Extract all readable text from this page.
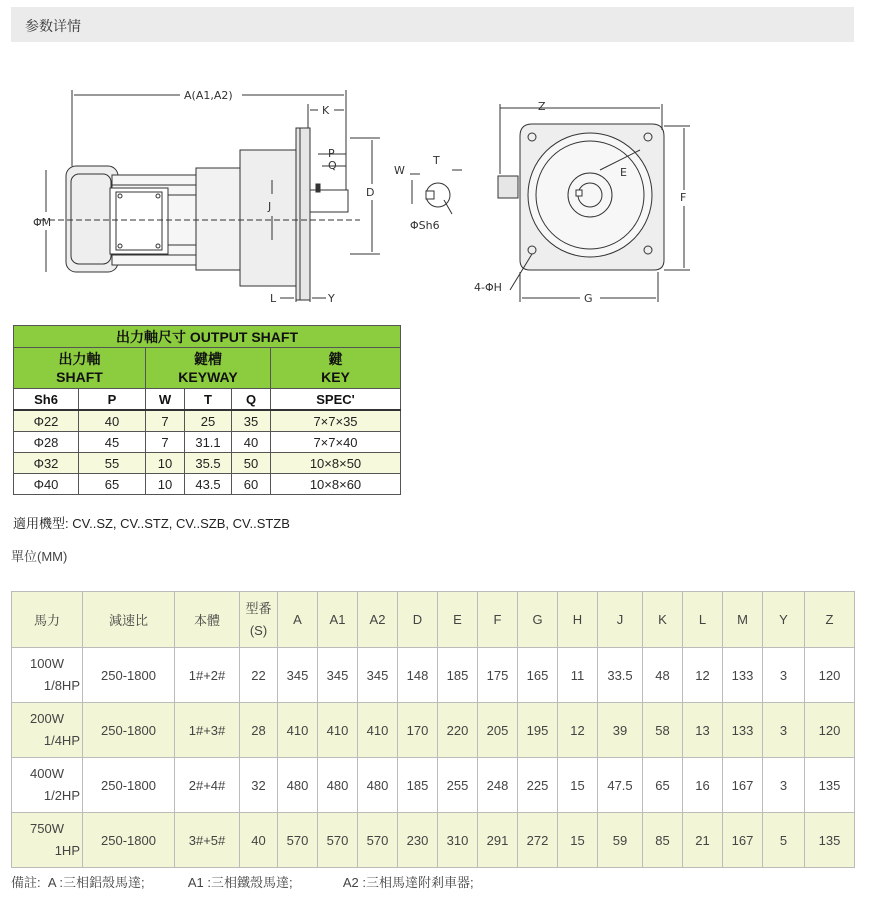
参数详情
A(A1,A2)
K
P
Q
D
J
ΦM
L	Y
W
T
ΦSh6
Z
E
F
G
4-ΦH
出力軸尺寸 OUTPUT SHAFT					
出力軸
SHAFT		鍵槽
KEYWAY			鍵
KEY
Sh6	P	W	T	Q	SPEC'
Φ22	40	7	25	35	7×7×35
Φ28	45	7	31.1	40	7×7×40
Φ32	55	10	35.5	50	10×8×50
Φ40	65	10	43.5	60	10×8×60
適用機型: CV..SZ, CV..STZ, CV..SZB, CV..STZB
單位(MM)
馬力	減速比	本體	型番
(S)	A	A1	A2	D	E	F	G	H	J	K	L	M	Y	Z

100W
1/8HP	250-1800	1#+2#	22	345	345	345	148	185	175	165	11	33.5	48	12	133	3	120

200W
1/4HP	250-1800	1#+3#	28	410	410	410	170	220	205	195	12	39	58	13	133	3	120

400W
1/2HP	250-1800	2#+4#	32	480	480	480	185	255	248	225	15	47.5	65	16	167	3	135

750W
1HP	250-1800	3#+5#	40	570	570	570	230	310	291	272	15	59	85	21	167	5	135
備註: A :三相鋁殼馬達;	A1 :三相鐵殼馬達;	A2 :三相馬達附剎車器;
